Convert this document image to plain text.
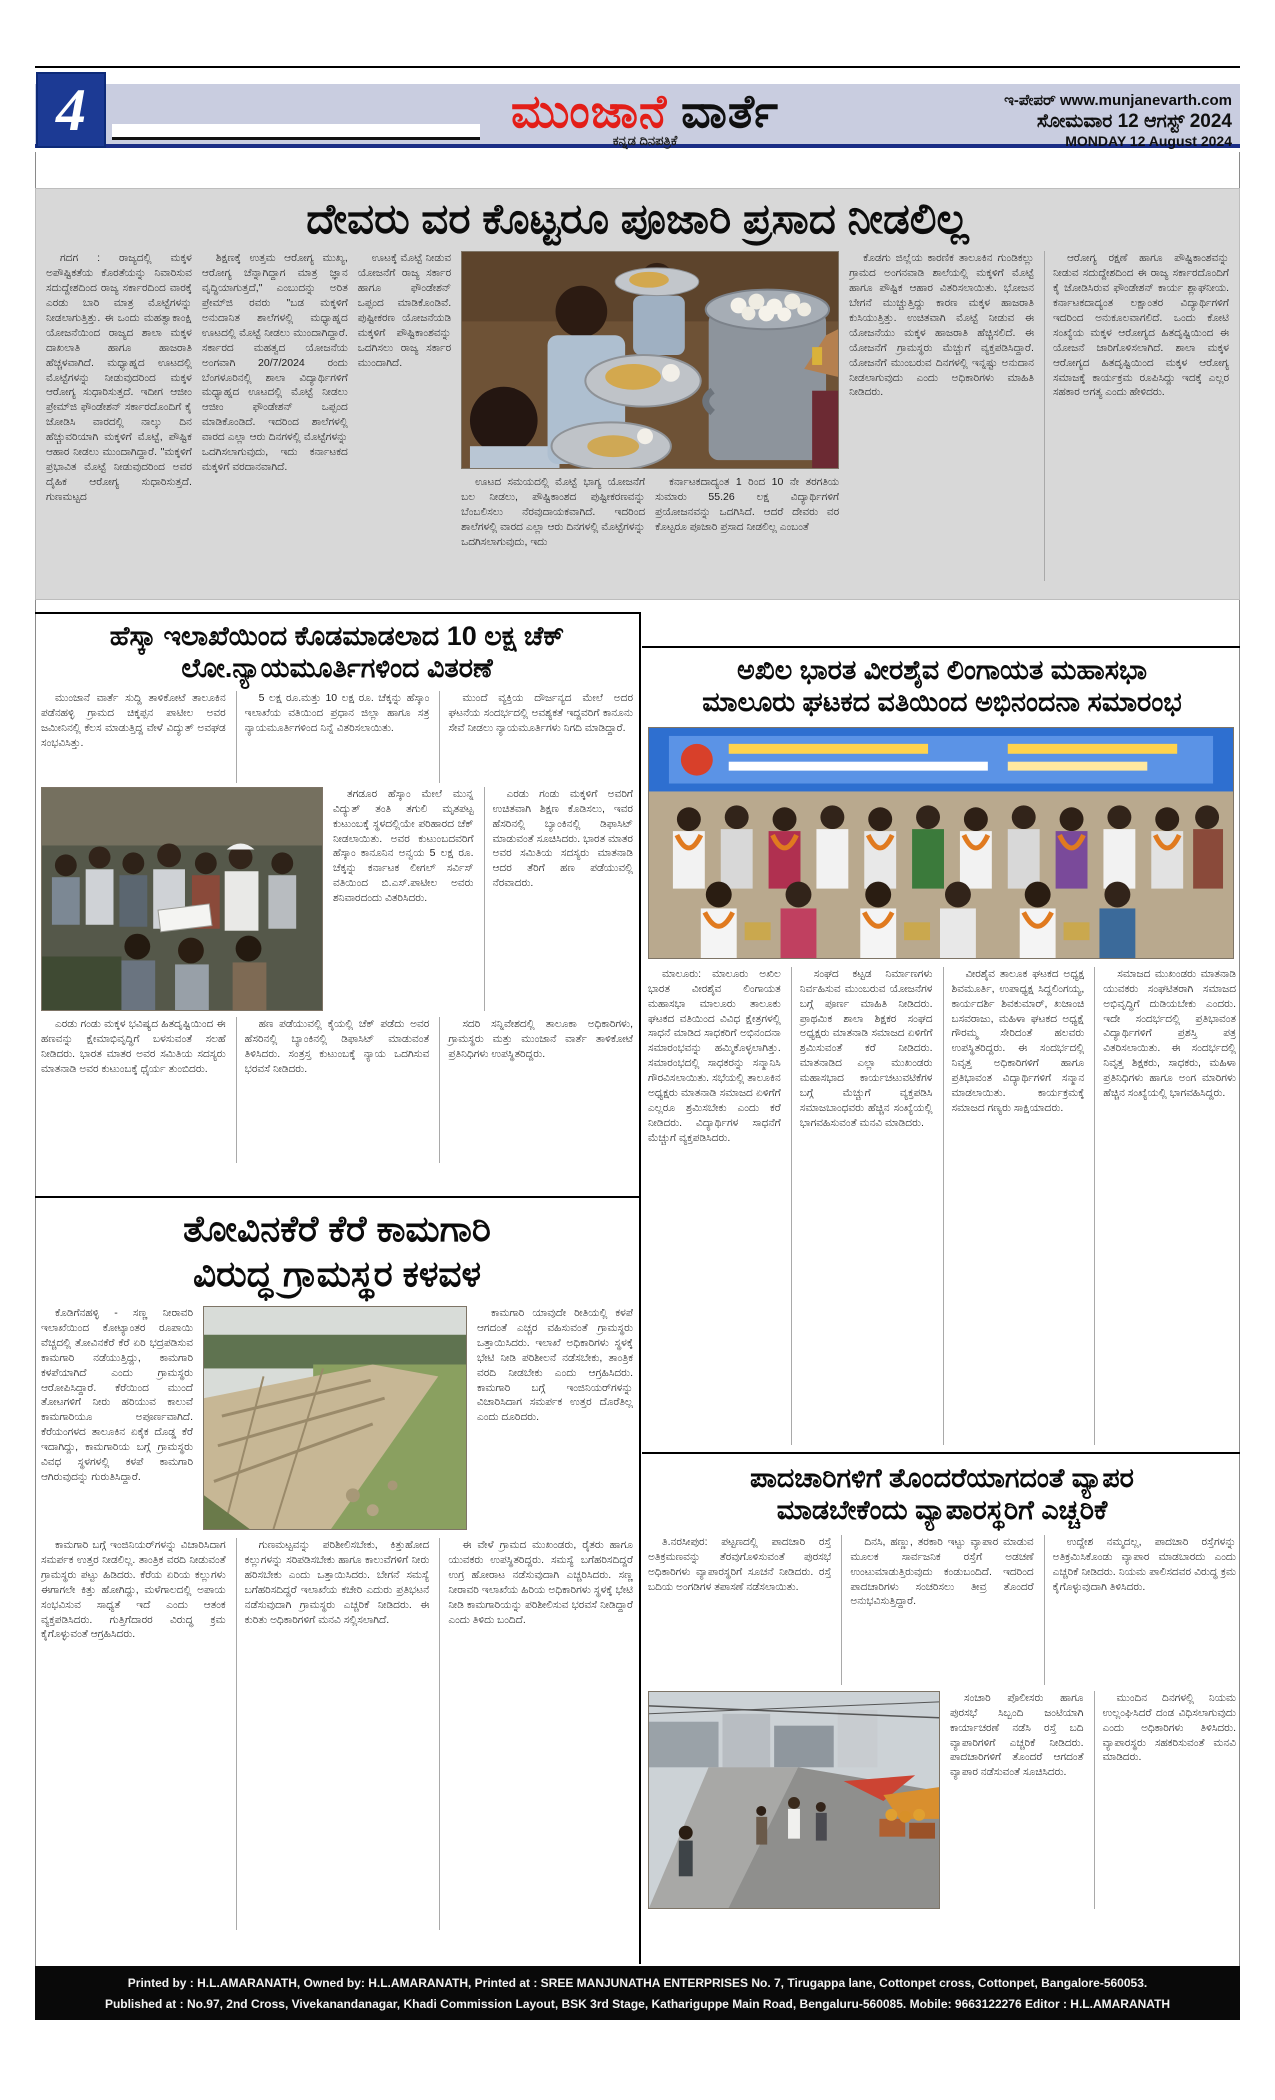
4	ಮುಂಜಾನೆ ವಾರ್ತೆ
ಕನ್ನಡ ದಿನಪತ್ರಿಕೆ
ಇ-ಪೇಪರ್ www.munjanevarth.com
ಸೋಮವಾರ 12 ಆಗಸ್ಟ್ 2024
MONDAY 12 August 2024
ದೇವರು ವರ ಕೊಟ್ಟರೂ ಪೂಜಾರಿ ಪ್ರಸಾದ ನೀಡಲಿಲ್ಲ
ಗದಗ : ರಾಜ್ಯದಲ್ಲಿ ಮಕ್ಕಳ ಅಪೌಷ್ಟಿಕತೆಯ ಕೊರತೆಯನ್ನು ನಿವಾರಿಸುವ ಸದುದ್ದೇಶದಿಂದ ರಾಜ್ಯ ಸರ್ಕಾರದಿಂದ ವಾರಕ್ಕೆ ಎರಡು ಬಾರಿ ಮಾತ್ರ ಮೊಟ್ಟೆಗಳನ್ನು ನೀಡಲಾಗುತ್ತಿತ್ತು. ಈ ಒಂದು ಮಹತ್ವಾಕಾಂಕ್ಷಿ ಯೋಜನೆಯಿಂದ ರಾಜ್ಯದ ಶಾಲಾ ಮಕ್ಕಳ ದಾಖಲಾತಿ ಹಾಗೂ ಹಾಜರಾತಿ ಹೆಚ್ಚಳವಾಗಿದೆ. ಮಧ್ಯಾಹ್ನದ ಊಟದಲ್ಲಿ ಮೊಟ್ಟೆಗಳನ್ನು ನೀಡುವುದರಿಂದ ಮಕ್ಕಳ ಆರೋಗ್ಯ ಸುಧಾರಿಸುತ್ತದೆ. ಇದೀಗ ಆಜೀಂ ಪ್ರೇಮ್‌ಜಿ ಫೌಂಡೇಶನ್ ಸರ್ಕಾರದೊಂದಿಗೆ ಕೈ ಜೋಡಿಸಿ ವಾರದಲ್ಲಿ ನಾಲ್ಕು ದಿನ ಹೆಚ್ಚುವರಿಯಾಗಿ ಮಕ್ಕಳಿಗೆ ಮೊಟ್ಟೆ, ಪೌಷ್ಟಿಕ ಆಹಾರ ನೀಡಲು ಮುಂದಾಗಿದ್ದಾರೆ. "ಮಕ್ಕಳಿಗೆ ಪ್ರಭಾವಿತ ಮೊಟ್ಟೆ ನೀಡುವುದರಿಂದ ಅವರ ದೈಹಿಕ ಆರೋಗ್ಯ ಸುಧಾರಿಸುತ್ತದೆ. ಗುಣಮಟ್ಟದ
ಶಿಕ್ಷಣಕ್ಕೆ ಉತ್ತಮ ಆರೋಗ್ಯ ಮುಖ್ಯ, ಆರೋಗ್ಯ ಚೆನ್ನಾಗಿದ್ದಾಗ ಮಾತ್ರ ಜ್ಞಾನ ವೃದ್ಧಿಯಾಗುತ್ತದೆ," ಎಂಬುದನ್ನು ಅರಿತ ಪ್ರೇಮ್‌ಜಿ ರವರು "ಬಡ ಮಕ್ಕಳಿಗೆ ಅನುದಾನಿತ ಶಾಲೆಗಳಲ್ಲಿ ಮಧ್ಯಾಹ್ನದ ಊಟದಲ್ಲಿ ಮೊಟ್ಟೆ ನೀಡಲು ಮುಂದಾಗಿದ್ದಾರೆ. ಸರ್ಕಾರದ ಮಹತ್ವದ ಯೋಜನೆಯ ಅಂಗವಾಗಿ 20/7/2024 ರಂದು ಬೆಂಗಳೂರಿನಲ್ಲಿ ಶಾಲಾ ವಿದ್ಯಾರ್ಥಿಗಳಿಗೆ ಮಧ್ಯಾಹ್ನದ ಊಟದಲ್ಲಿ ಮೊಟ್ಟೆ ನೀಡಲು ಆಜೀಂ ಫೌಂಡೇಶನ್ ಒಪ್ಪಂದ ಮಾಡಿಕೊಂಡಿದೆ. ಇದರಿಂದ ಶಾಲೆಗಳಲ್ಲಿ ವಾರದ ಎಲ್ಲಾ ಆರು ದಿನಗಳಲ್ಲಿ ಮೊಟ್ಟೆಗಳನ್ನು ಒದಗಿಸಲಾಗುವುದು, ಇದು ಕರ್ನಾಟಕದ ಮಕ್ಕಳಿಗೆ ವರದಾನವಾಗಿದೆ.
ಊಟಕ್ಕೆ ಮೊಟ್ಟೆ ನೀಡುವ ಯೋಜನೆಗೆ ರಾಜ್ಯ ಸರ್ಕಾರ ಹಾಗೂ ಫೌಂಡೇಶನ್ ಒಪ್ಪಂದ ಮಾಡಿಕೊಂಡಿವೆ. ಪುಷ್ಟೀಕರಣ ಯೋಜನೆಯಡಿ ಮಕ್ಕಳಿಗೆ ಪೌಷ್ಟಿಕಾಂಶವನ್ನು ಒದಗಿಸಲು ರಾಜ್ಯ ಸರ್ಕಾರ ಮುಂದಾಗಿದೆ.
ಊಟದ ಸಮಯದಲ್ಲಿ ಮೊಟ್ಟೆ ಭಾಗ್ಯ ಯೋಜನೆಗೆ ಬಲ ನೀಡಲು, ಪೌಷ್ಟಿಕಾಂಶದ ಪುಷ್ಟೀಕರಣವನ್ನು ಬೆಂಬಲಿಸಲು ನೆರವುದಾಯಕವಾಗಿದೆ. ಇದರಿಂದ ಶಾಲೆಗಳಲ್ಲಿ ವಾರದ ಎಲ್ಲಾ ಆರು ದಿನಗಳಲ್ಲಿ ಮೊಟ್ಟೆಗಳನ್ನು ಒದಗಿಸಲಾಗುವುದು, ಇದು
ಕರ್ನಾಟಕದಾದ್ಯಂತ 1 ರಿಂದ 10 ನೇ ತರಗತಿಯ ಸುಮಾರು 55.26 ಲಕ್ಷ ವಿದ್ಯಾರ್ಥಿಗಳಿಗೆ ಪ್ರಯೋಜನವನ್ನು ಒದಗಿಸಿದೆ. ಆದರೆ ದೇವರು ವರ ಕೊಟ್ಟರೂ ಪೂಜಾರಿ ಪ್ರಸಾದ ನೀಡಲಿಲ್ಲ ಎಂಬಂತೆ
ಕೊಡಗು ಜಿಲ್ಲೆಯ ಕಾರಣಿಕ ತಾಲೂಕಿನ ಗುಂಡಿಕಲ್ಲು ಗ್ರಾಮದ ಅಂಗನವಾಡಿ ಶಾಲೆಯಲ್ಲಿ ಮಕ್ಕಳಿಗೆ ಮೊಟ್ಟೆ ಹಾಗೂ ಪೌಷ್ಟಿಕ ಆಹಾರ ವಿತರಿಸಲಾಯಿತು. ಭೋಜನ ಬೇಗನೆ ಮುಚ್ಚುತ್ತಿದ್ದು ಕಾರಣ ಮಕ್ಕಳ ಹಾಜರಾತಿ ಕುಸಿಯುತ್ತಿತ್ತು. ಉಚಿತವಾಗಿ ಮೊಟ್ಟೆ ನೀಡುವ ಈ ಯೋಜನೆಯು ಮಕ್ಕಳ ಹಾಜರಾತಿ ಹೆಚ್ಚಿಸಲಿದೆ. ಈ ಯೋಜನೆಗೆ ಗ್ರಾಮಸ್ಥರು ಮೆಚ್ಚುಗೆ ವ್ಯಕ್ತಪಡಿಸಿದ್ದಾರೆ. ಯೋಜನೆಗೆ ಮುಂಬರುವ ದಿನಗಳಲ್ಲಿ ಇನ್ನಷ್ಟು ಅನುದಾನ ನೀಡಲಾಗುವುದು ಎಂದು ಅಧಿಕಾರಿಗಳು ಮಾಹಿತಿ ನೀಡಿದರು.
ಆರೋಗ್ಯ ರಕ್ಷಣೆ ಹಾಗೂ ಪೌಷ್ಟಿಕಾಂಶವನ್ನು ನೀಡುವ ಸದುದ್ದೇಶದಿಂದ ಈ ರಾಜ್ಯ ಸರ್ಕಾರದೊಂದಿಗೆ ಕೈ ಜೋಡಿಸಿರುವ ಫೌಂಡೇಶನ್ ಕಾರ್ಯ ಶ್ಲಾಘನೀಯ. ಕರ್ನಾಟಕದಾದ್ಯಂತ ಲಕ್ಷಾಂತರ ವಿದ್ಯಾರ್ಥಿಗಳಿಗೆ ಇದರಿಂದ ಅನುಕೂಲವಾಗಲಿದೆ. ಒಂದು ಕೋಟಿ ಸಂಖ್ಯೆಯ ಮಕ್ಕಳ ಆರೋಗ್ಯದ ಹಿತದೃಷ್ಟಿಯಿಂದ ಈ ಯೋಜನೆ ಜಾರಿಗೊಳಿಸಲಾಗಿದೆ. ಶಾಲಾ ಮಕ್ಕಳ ಆರೋಗ್ಯದ ಹಿತದೃಷ್ಟಿಯಿಂದ ಮಕ್ಕಳ ಆರೋಗ್ಯ ಸಮಾಜಕ್ಕೆ ಕಾರ್ಯಕ್ರಮ ರೂಪಿಸಿದ್ದು ಇದಕ್ಕೆ ಎಲ್ಲರ ಸಹಕಾರ ಅಗತ್ಯ ಎಂದು ಹೇಳಿದರು.
ಹೆಸ್ಕಾ ಇಲಾಖೆಯಿಂದ ಕೊಡಮಾಡಲಾದ 10 ಲಕ್ಷ ಚೆಕ್
ಲೋ.ನ್ಯಾಯಮೂರ್ತಿಗಳಿಂದ ವಿತರಣೆ
ಮುಂಜಾನೆ ವಾರ್ತೆ ಸುದ್ದಿ ತಾಳಿಕೋಟೆ ತಾಲೂಕಿನ ಪಡೆನಹಳ್ಳಿ ಗ್ರಾಮದ ಚಿಕ್ಕಪ್ಪನ ಪಾಟೀಲ ಅವರ ಜಮೀನಿನಲ್ಲಿ ಕೆಲಸ ಮಾಡುತ್ತಿದ್ದ ವೇಳೆ ವಿದ್ಯುತ್ ಅವಘಡ ಸಂಭವಿಸಿತ್ತು.
5 ಲಕ್ಷ ರೂ.ಮತ್ತು 10 ಲಕ್ಷ ರೂ. ಚೆಕ್ಕನ್ನು ಹೆಸ್ಕಾಂ ಇಲಾಖೆಯ ವತಿಯಿಂದ ಪ್ರಧಾನ ಜಿಲ್ಲಾ ಹಾಗೂ ಸತ್ರ ನ್ಯಾಯಮೂರ್ತಿಗಳಿಂದ ನಿನ್ನೆ ವಿತರಿಸಲಾಯಿತು.
ಮುಂದೆ ವ್ಯಕ್ತಿಯ ದೌರ್ಜನ್ಯದ ಮೇಲೆ ಅದರ ಘಟನೆಯ ಸಂದರ್ಭದಲ್ಲಿ ಅವಶ್ಯಕತೆ ಇದ್ದವರಿಗೆ ಕಾನೂನು ಸೇವೆ ನೀಡಲು ನ್ಯಾಯಮೂರ್ತಿಗಳು ನಿಗದಿ ಮಾಡಿದ್ದಾರೆ.
ತಗಡೂರ ಹೆಸ್ಕಾಂ ಮೇಲೆ ಮುನ್ನ ವಿದ್ಯುತ್ ತಂತಿ ತಗುಲಿ ಮೃತಪಟ್ಟ ಕುಟುಂಬಕ್ಕೆ ಸ್ಥಳದಲ್ಲಿಯೇ ಪರಿಹಾರದ ಚೆಕ್ ನೀಡಲಾಯಿತು. ಅವರ ಕುಟುಂಬದವರಿಗೆ ಹೆಸ್ಕಾಂ ಕಾನೂನಿನ ಅನ್ವಯ 5 ಲಕ್ಷ ರೂ. ಚೆಕ್ಕನ್ನು ಕರ್ನಾಟಕ ಲೀಗಲ್ ಸರ್ವಿಸ್ ವತಿಯಿಂದ ಬಿ.ಎಸ್.ಪಾಟೀಲ ಅವರು ಶನಿವಾರದಂದು ವಿತರಿಸಿದರು.
ಎರಡು ಗಂಡು ಮಕ್ಕಳಿಗೆ ಅವರಿಗೆ ಉಚಿತವಾಗಿ ಶಿಕ್ಷಣ ಕೊಡಿಸಲು, ಇವರ ಹೆಸರಿನಲ್ಲಿ ಬ್ಯಾಂಕಿನಲ್ಲಿ ಡಿಫಾಸಿಟ್ ಮಾಡುವಂತೆ ಸೂಚಿಸಿದರು. ಭಾರತ ಮಾತರ ಅವರ ಸಮಿತಿಯ ಸದಸ್ಯರು ಮಾತನಾಡಿ ಆದರ ತೆರಿಗೆ ಹಣ ಪಡೆಯುವಲ್ಲಿ ನೆರವಾದರು.
ಎರಡು ಗಂಡು ಮಕ್ಕಳ ಭವಿಷ್ಯದ ಹಿತದೃಷ್ಟಿಯಿಂದ ಈ ಹಣವನ್ನು ಕ್ಷೇಮಾಭಿವೃದ್ಧಿಗೆ ಬಳಸುವಂತೆ ಸಲಹೆ ನೀಡಿದರು. ಭಾರತ ಮಾತರ ಅವರ ಸಮಿತಿಯ ಸದಸ್ಯರು ಮಾತನಾಡಿ ಅವರ ಕುಟುಂಬಕ್ಕೆ ಧೈರ್ಯ ತುಂಬಿದರು.
ಹಣ ಪಡೆಯುವಲ್ಲಿ ಕೈಯಲ್ಲಿ ಚೆಕ್ ಪಡೆದು ಅವರ ಹೆಸರಿನಲ್ಲಿ ಬ್ಯಾಂಕಿನಲ್ಲಿ ಡಿಫಾಸಿಟ್ ಮಾಡುವಂತೆ ತಿಳಿಸಿದರು. ಸಂತ್ರಸ್ತ ಕುಟುಂಬಕ್ಕೆ ನ್ಯಾಯ ಒದಗಿಸುವ ಭರವಸೆ ನೀಡಿದರು.
ಸದರಿ ಸನ್ನಿವೇಶದಲ್ಲಿ ತಾಲೂಕಾ ಅಧಿಕಾರಿಗಳು, ಗ್ರಾಮಸ್ಥರು ಮತ್ತು ಮುಂಜಾನೆ ವಾರ್ತೆ ತಾಳಿಕೋಟೆ ಪ್ರತಿನಿಧಿಗಳು ಉಪಸ್ಥಿತರಿದ್ದರು.
ತೋವಿನಕೆರೆ ಕೆರೆ ಕಾಮಗಾರಿ
ವಿರುದ್ಧ ಗ್ರಾಮಸ್ಥರ ಕಳವಳ
ಕೊಡಿಗೆನಹಳ್ಳಿ - ಸಣ್ಣ ನೀರಾವರಿ ಇಲಾಖೆಯಿಂದ ಕೋಟ್ಯಾಂತರ ರೂಪಾಯಿ ವೆಚ್ಚದಲ್ಲಿ ತೋವಿನಕೆರೆ ಕೆರೆ ಏರಿ ಭದ್ರಪಡಿಸುವ ಕಾಮಗಾರಿ ನಡೆಯುತ್ತಿದ್ದು, ಕಾಮಗಾರಿ ಕಳಪೆಯಾಗಿದೆ ಎಂದು ಗ್ರಾಮಸ್ಥರು ಆರೋಪಿಸಿದ್ದಾರೆ. ಕೆರೆಯಿಂದ ಮುಂದೆ ತೋಟಗಳಿಗೆ ನೀರು ಹರಿಯುವ ಕಾಲುವೆ ಕಾಮಗಾರಿಯೂ ಅಪೂರ್ಣವಾಗಿದೆ. ಕೆರೆಯಂಗಳದ ತಾಲೂಕಿನ ಏಕೈಕ ದೊಡ್ಡ ಕೆರೆ ಇದಾಗಿದ್ದು, ಕಾಮಗಾರಿಯ ಬಗ್ಗೆ ಗ್ರಾಮಸ್ಥರು ವಿವಧ ಸ್ಥಳಗಳಲ್ಲಿ ಕಳಪೆ ಕಾಮಗಾರಿ ಆಗಿರುವುದನ್ನು ಗುರುತಿಸಿದ್ದಾರೆ.
ಕಾಮಗಾರಿ ಯಾವುದೇ ರೀತಿಯಲ್ಲಿ ಕಳಪೆ ಆಗದಂತೆ ಎಚ್ಚರ ವಹಿಸುವಂತೆ ಗ್ರಾಮಸ್ಥರು ಒತ್ತಾಯಿಸಿದರು. ಇಲಾಖೆ ಅಧಿಕಾರಿಗಳು ಸ್ಥಳಕ್ಕೆ ಭೇಟಿ ನೀಡಿ ಪರಿಶೀಲನೆ ನಡೆಸಬೇಕು, ತಾಂತ್ರಿಕ ವರದಿ ನೀಡಬೇಕು ಎಂದು ಆಗ್ರಹಿಸಿದರು. ಕಾಮಗಾರಿ ಬಗ್ಗೆ ಇಂಜಿನಿಯರ್‌ಗಳನ್ನು ವಿಚಾರಿಸಿದಾಗ ಸಮರ್ಪಕ ಉತ್ತರ ದೊರೆತಿಲ್ಲ ಎಂದು ದೂರಿದರು.
ಕಾಮಗಾರಿ ಬಗ್ಗೆ ಇಂಜಿನಿಯರ್‌ಗಳನ್ನು ವಿಚಾರಿಸಿದಾಗ ಸಮರ್ಪಕ ಉತ್ತರ ನೀಡಲಿಲ್ಲ. ತಾಂತ್ರಿಕ ವರದಿ ನೀಡುವಂತೆ ಗ್ರಾಮಸ್ಥರು ಪಟ್ಟು ಹಿಡಿದರು. ಕೆರೆಯ ಏರಿಯ ಕಲ್ಲುಗಳು ಈಗಾಗಲೇ ಕಿತ್ತು ಹೋಗಿದ್ದು, ಮಳೆಗಾಲದಲ್ಲಿ ಅಪಾಯ ಸಂಭವಿಸುವ ಸಾಧ್ಯತೆ ಇದೆ ಎಂದು ಆತಂಕ ವ್ಯಕ್ತಪಡಿಸಿದರು. ಗುತ್ತಿಗೆದಾರರ ವಿರುದ್ಧ ಕ್ರಮ ಕೈಗೊಳ್ಳುವಂತೆ ಆಗ್ರಹಿಸಿದರು.
ಗುಣಮಟ್ಟವನ್ನು ಪರಿಶೀಲಿಸಬೇಕು, ಕಿತ್ತುಹೋದ ಕಲ್ಲುಗಳನ್ನು ಸರಿಪಡಿಸಬೇಕು ಹಾಗೂ ಕಾಲುವೆಗಳಿಗೆ ನೀರು ಹರಿಸಬೇಕು ಎಂದು ಒತ್ತಾಯಿಸಿದರು. ಬೇಗನೆ ಸಮಸ್ಯೆ ಬಗೆಹರಿಸದಿದ್ದರೆ ಇಲಾಖೆಯ ಕಚೇರಿ ಎದುರು ಪ್ರತಿಭಟನೆ ನಡೆಸುವುದಾಗಿ ಗ್ರಾಮಸ್ಥರು ಎಚ್ಚರಿಕೆ ನೀಡಿದರು. ಈ ಕುರಿತು ಅಧಿಕಾರಿಗಳಿಗೆ ಮನವಿ ಸಲ್ಲಿಸಲಾಗಿದೆ.
ಈ ವೇಳೆ ಗ್ರಾಮದ ಮುಖಂಡರು, ರೈತರು ಹಾಗೂ ಯುವಕರು ಉಪಸ್ಥಿತರಿದ್ದರು. ಸಮಸ್ಯೆ ಬಗೆಹರಿಸದಿದ್ದರೆ ಉಗ್ರ ಹೋರಾಟ ನಡೆಸುವುದಾಗಿ ಎಚ್ಚರಿಸಿದರು. ಸಣ್ಣ ನೀರಾವರಿ ಇಲಾಖೆಯ ಹಿರಿಯ ಅಧಿಕಾರಿಗಳು ಸ್ಥಳಕ್ಕೆ ಭೇಟಿ ನೀಡಿ ಕಾಮಗಾರಿಯನ್ನು ಪರಿಶೀಲಿಸುವ ಭರವಸೆ ನೀಡಿದ್ದಾರೆ ಎಂದು ತಿಳಿದು ಬಂದಿದೆ.
ಅಖಿಲ ಭಾರತ ವೀರಶೈವ ಲಿಂಗಾಯತ ಮಹಾಸಭಾ
ಮಾಲೂರು ಘಟಕದ ವತಿಯಿಂದ ಅಭಿನಂದನಾ ಸಮಾರಂಭ
ಮಾಲೂರು: ಮಾಲೂರು ಅಖಿಲ ಭಾರತ ವೀರಶೈವ ಲಿಂಗಾಯತ ಮಹಾಸಭಾ ಮಾಲೂರು ತಾಲೂಕು ಘಟಕದ ವತಿಯಿಂದ ವಿವಿಧ ಕ್ಷೇತ್ರಗಳಲ್ಲಿ ಸಾಧನೆ ಮಾಡಿದ ಸಾಧಕರಿಗೆ ಅಭಿನಂದನಾ ಸಮಾರಂಭವನ್ನು ಹಮ್ಮಿಕೊಳ್ಳಲಾಗಿತ್ತು. ಸಮಾರಂಭದಲ್ಲಿ ಸಾಧಕರನ್ನು ಸನ್ಮಾನಿಸಿ ಗೌರವಿಸಲಾಯಿತು. ಸಭೆಯಲ್ಲಿ ತಾಲೂಕಿನ ಅಧ್ಯಕ್ಷರು ಮಾತನಾಡಿ ಸಮಾಜದ ಏಳಿಗೆಗೆ ಎಲ್ಲರೂ ಶ್ರಮಿಸಬೇಕು ಎಂದು ಕರೆ ನೀಡಿದರು. ವಿದ್ಯಾರ್ಥಿಗಳ ಸಾಧನೆಗೆ ಮೆಚ್ಚುಗೆ ವ್ಯಕ್ತಪಡಿಸಿದರು.
ಸಂಘದ ಕಟ್ಟಡ ನಿರ್ಮಾಣಗಳು ನಿರ್ವಹಿಸುವ ಮುಂಬರುವ ಯೋಜನೆಗಳ ಬಗ್ಗೆ ಪೂರ್ಣ ಮಾಹಿತಿ ನೀಡಿದರು. ಪ್ರಾಥಮಿಕ ಶಾಲಾ ಶಿಕ್ಷಕರ ಸಂಘದ ಅಧ್ಯಕ್ಷರು ಮಾತನಾಡಿ ಸಮಾಜದ ಏಳಿಗೆಗೆ ಶ್ರಮಿಸುವಂತೆ ಕರೆ ನೀಡಿದರು. ಮಾತನಾಡಿದ ಎಲ್ಲಾ ಮುಖಂಡರು ಮಹಾಸಭಾದ ಕಾರ್ಯಚಟುವಟಿಕೆಗಳ ಬಗ್ಗೆ ಮೆಚ್ಚುಗೆ ವ್ಯಕ್ತಪಡಿಸಿ ಸಮಾಜಬಾಂಧವರು ಹೆಚ್ಚಿನ ಸಂಖ್ಯೆಯಲ್ಲಿ ಭಾಗವಹಿಸುವಂತೆ ಮನವಿ ಮಾಡಿದರು.
ವೀರಶೈವ ತಾಲೂಕ ಘಟಕದ ಅಧ್ಯಕ್ಷ ಶಿವಮೂರ್ತಿ, ಉಪಾಧ್ಯಕ್ಷ ಸಿದ್ದಲಿಂಗಯ್ಯ, ಕಾರ್ಯದರ್ಶಿ ಶಿವಕುಮಾರ್, ಖಜಾಂಚಿ ಬಸವರಾಜು, ಮಹಿಳಾ ಘಟಕದ ಅಧ್ಯಕ್ಷೆ ಗೌರಮ್ಮ ಸೇರಿದಂತೆ ಹಲವರು ಉಪಸ್ಥಿತರಿದ್ದರು. ಈ ಸಂದರ್ಭದಲ್ಲಿ ನಿವೃತ್ತ ಅಧಿಕಾರಿಗಳಿಗೆ ಹಾಗೂ ಪ್ರತಿಭಾವಂತ ವಿದ್ಯಾರ್ಥಿಗಳಿಗೆ ಸನ್ಮಾನ ಮಾಡಲಾಯಿತು. ಕಾರ್ಯಕ್ರಮಕ್ಕೆ ಸಮಾಜದ ಗಣ್ಯರು ಸಾಕ್ಷಿಯಾದರು.
ಸಮಾಜದ ಮುಖಂಡರು ಮಾತನಾಡಿ ಯುವಕರು ಸಂಘಟಿತರಾಗಿ ಸಮಾಜದ ಅಭಿವೃದ್ಧಿಗೆ ದುಡಿಯಬೇಕು ಎಂದರು. ಇದೇ ಸಂದರ್ಭದಲ್ಲಿ ಪ್ರತಿಭಾವಂತ ವಿದ್ಯಾರ್ಥಿಗಳಿಗೆ ಪ್ರಶಸ್ತಿ ಪತ್ರ ವಿತರಿಸಲಾಯಿತು. ಈ ಸಂದರ್ಭದಲ್ಲಿ ನಿವೃತ್ತ ಶಿಕ್ಷಕರು, ಸಾಧಕರು, ಮಹಿಳಾ ಪ್ರತಿನಿಧಿಗಳು ಹಾಗೂ ಅಂಗ ಮಾರಿಗಳು ಹೆಚ್ಚಿನ ಸಂಖ್ಯೆಯಲ್ಲಿ ಭಾಗವಹಿಸಿದ್ದರು.
ಪಾದಚಾರಿಗಳಿಗೆ ತೊಂದರೆಯಾಗದಂತೆ ವ್ಯಾಪರ
ಮಾಡಬೇಕೆಂದು ವ್ಯಾಪಾರಸ್ಥರಿಗೆ ಎಚ್ಚರಿಕೆ
ತಿ.ನರಸೀಪುರ: ಪಟ್ಟಣದಲ್ಲಿ ಪಾದಚಾರಿ ರಸ್ತೆ ಅತಿಕ್ರಮಣವನ್ನು ತೆರವುಗೊಳಿಸುವಂತೆ ಪುರಸಭೆ ಅಧಿಕಾರಿಗಳು ವ್ಯಾಪಾರಸ್ಥರಿಗೆ ಸೂಚನೆ ನೀಡಿದರು. ರಸ್ತೆ ಬದಿಯ ಅಂಗಡಿಗಳ ತಪಾಸಣೆ ನಡೆಸಲಾಯಿತು.
ದಿನಸಿ, ಹಣ್ಣು, ತರಕಾರಿ ಇಟ್ಟು ವ್ಯಾಪಾರ ಮಾಡುವ ಮೂಲಕ ಸಾರ್ವಜನಿಕ ರಸ್ತೆಗೆ ಅಡಚಣೆ ಉಂಟುಮಾಡುತ್ತಿರುವುದು ಕಂಡುಬಂದಿದೆ. ಇದರಿಂದ ಪಾದಚಾರಿಗಳು ಸಂಚರಿಸಲು ತೀವ್ರ ತೊಂದರೆ ಅನುಭವಿಸುತ್ತಿದ್ದಾರೆ.
ಉದ್ದೇಶ ನಮ್ಮದಲ್ಲ, ಪಾದಚಾರಿ ರಸ್ತೆಗಳನ್ನು ಅತಿಕ್ರಮಿಸಿಕೊಂಡು ವ್ಯಾಪಾರ ಮಾಡಬಾರದು ಎಂದು ಎಚ್ಚರಿಕೆ ನೀಡಿದರು. ನಿಯಮ ಪಾಲಿಸದವರ ವಿರುದ್ಧ ಕ್ರಮ ಕೈಗೊಳ್ಳುವುದಾಗಿ ತಿಳಿಸಿದರು.
ಸಂಚಾರಿ ಪೊಲೀಸರು ಹಾಗೂ ಪುರಸಭೆ ಸಿಬ್ಬಂದಿ ಜಂಟಿಯಾಗಿ ಕಾರ್ಯಾಚರಣೆ ನಡೆಸಿ ರಸ್ತೆ ಬದಿ ವ್ಯಾಪಾರಿಗಳಿಗೆ ಎಚ್ಚರಿಕೆ ನೀಡಿದರು. ಪಾದಚಾರಿಗಳಿಗೆ ತೊಂದರೆ ಆಗದಂತೆ ವ್ಯಾಪಾರ ನಡೆಸುವಂತೆ ಸೂಚಿಸಿದರು.
ಮುಂದಿನ ದಿನಗಳಲ್ಲಿ ನಿಯಮ ಉಲ್ಲಂಘಿಸಿದರೆ ದಂಡ ವಿಧಿಸಲಾಗುವುದು ಎಂದು ಅಧಿಕಾರಿಗಳು ತಿಳಿಸಿದರು. ವ್ಯಾಪಾರಸ್ಥರು ಸಹಕರಿಸುವಂತೆ ಮನವಿ ಮಾಡಿದರು.
Printed by : H.L.AMARANATH, Owned by: H.L.AMARANATH, Printed at : SREE MANJUNATHA ENTERPRISES No. 7, Tirugappa lane, Cottonpet cross, Cottonpet, Bangalore-560053.
Published at : No.97, 2nd Cross, Vivekanandanagar, Khadi Commission Layout, BSK 3rd Stage, Kathariguppe Main Road, Bengaluru-560085. Mobile: 9663122276 Editor : H.L.AMARANATH
